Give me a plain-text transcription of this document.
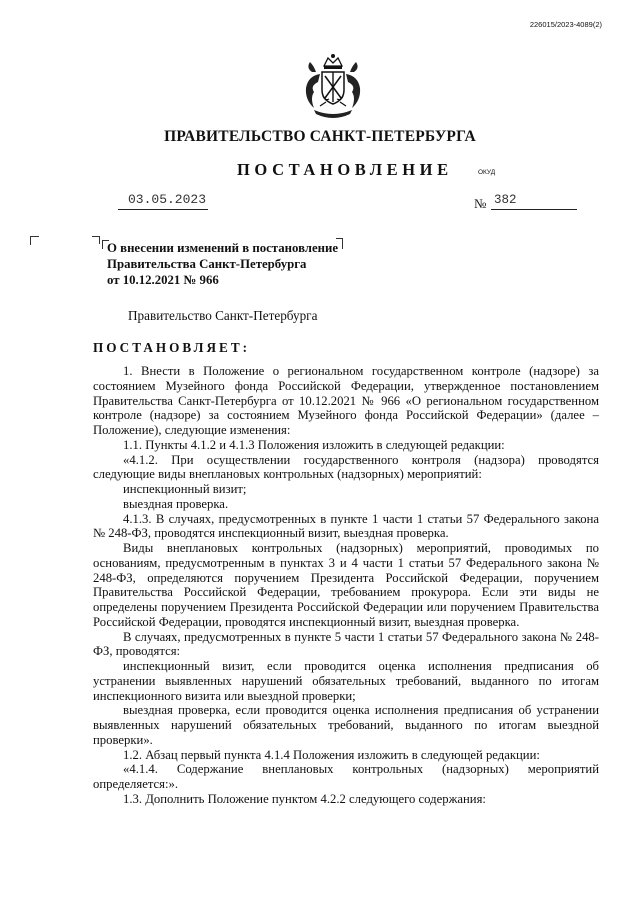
226015/2023-4089(2)
ПРАВИТЕЛЬСТВО САНКТ-ПЕТЕРБУРГА
ПОСТАНОВЛЕНИЕ	ОКУД
03.05.2023	№ 382
О внесении изменений в постановление
Правительства Санкт-Петербурга
от 10.12.2021 № 966
Правительство Санкт-Петербурга
ПОСТАНОВЛЯЕТ:

1. Внести в Положение о региональном государственном контроле (надзоре) за состоянием Музейного фонда Российской Федерации, утвержденное постановлением Правительства Санкт-Петербурга от 10.12.2021 № 966 «О региональном государственном контроле (надзоре) за состоянием Музейного фонда Российской Федерации» (далее – Положение), следующие изменения:

1.1. Пункты 4.1.2 и 4.1.3 Положения изложить в следующей редакции:

«4.1.2. При осуществлении государственного контроля (надзора) проводятся следующие виды внеплановых контрольных (надзорных) мероприятий:

инспекционный визит;

выездная проверка.

4.1.3. В случаях, предусмотренных в пункте 1 части 1 статьи 57 Федерального закона № 248-ФЗ, проводятся инспекционный визит, выездная проверка.

Виды внеплановых контрольных (надзорных) мероприятий, проводимых по основаниям, предусмотренным в пунктах 3 и 4 части 1 статьи 57 Федерального закона № 248-ФЗ, определяются поручением Президента Российской Федерации, поручением Правительства Российской Федерации, требованием прокурора. Если эти виды не определены поручением Президента Российской Федерации или поручением Правительства Российской Федерации, проводятся инспекционный визит, выездная проверка.

В случаях, предусмотренных в пункте 5 части 1 статьи 57 Федерального закона № 248-ФЗ, проводятся:

инспекционный визит, если проводится оценка исполнения предписания об устранении выявленных нарушений обязательных требований, выданного по итогам инспекционного визита или выездной проверки;

выездная проверка, если проводится оценка исполнения предписания об устранении выявленных нарушений обязательных требований, выданного по итогам выездной проверки».

1.2. Абзац первый пункта 4.1.4 Положения изложить в следующей редакции:

«4.1.4. Содержание внеплановых контрольных (надзорных) мероприятий определяется:».

1.3. Дополнить Положение пунктом 4.2.2 следующего содержания:
